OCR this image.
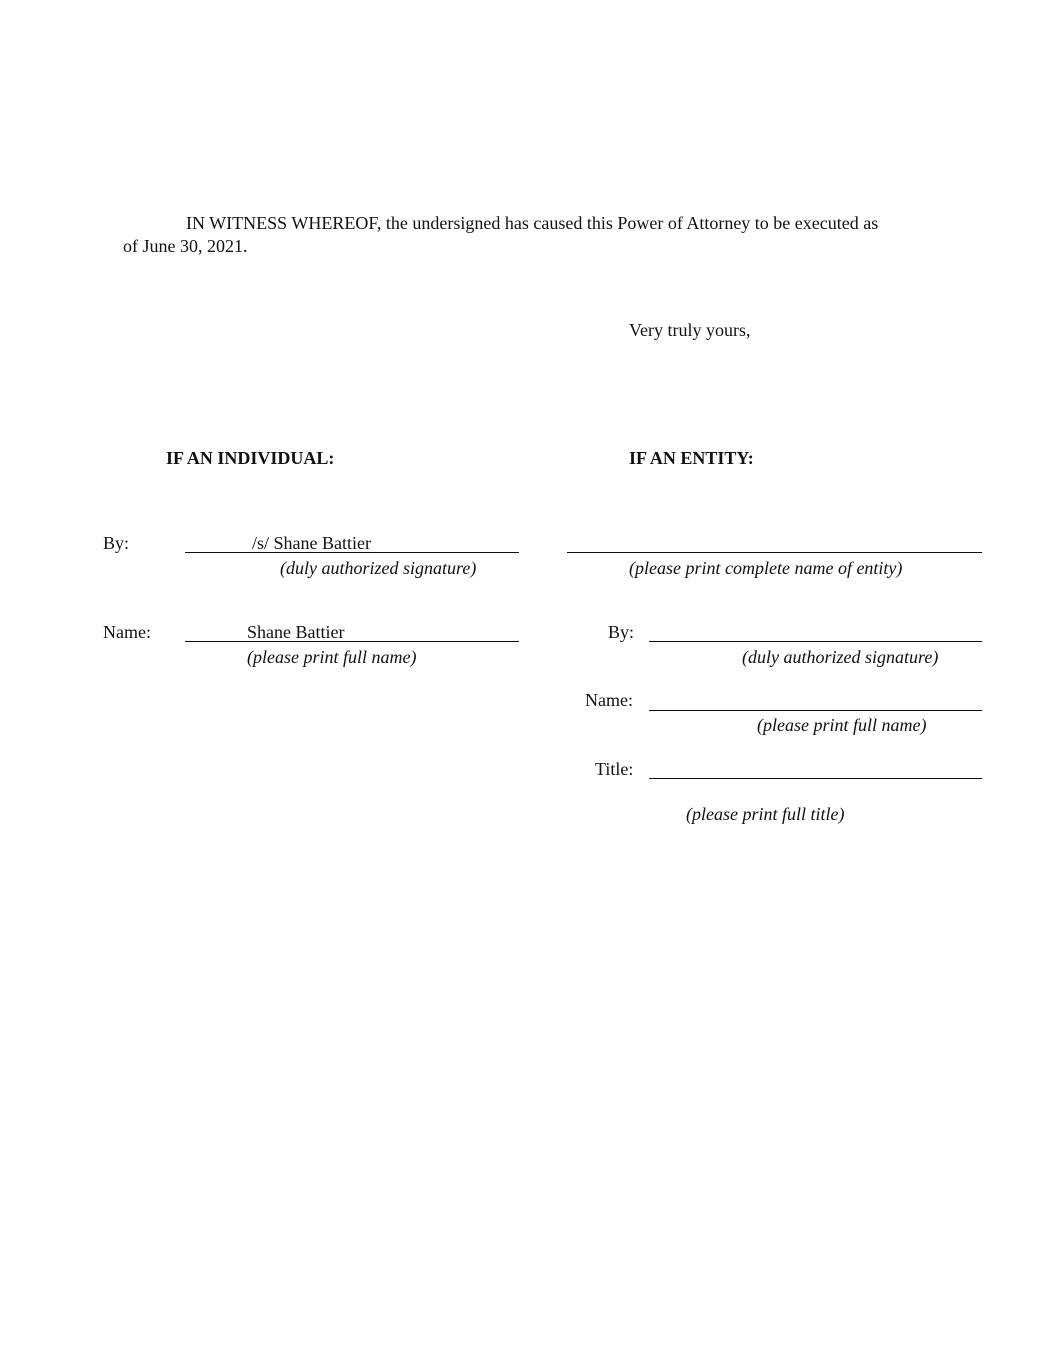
IN WITNESS WHEREOF, the undersigned has caused this Power of Attorney to be executed as
of June 30, 2021.
Very truly yours,
IF AN INDIVIDUAL:	IF AN ENTITY:
By:	/s/ Shane Battier
(duly authorized signature)	(please print complete name of entity)
Name:	Shane Battier
(please print full name)
By:
(duly authorized signature)
Name:
(please print full name)
Title:
(please print full title)
